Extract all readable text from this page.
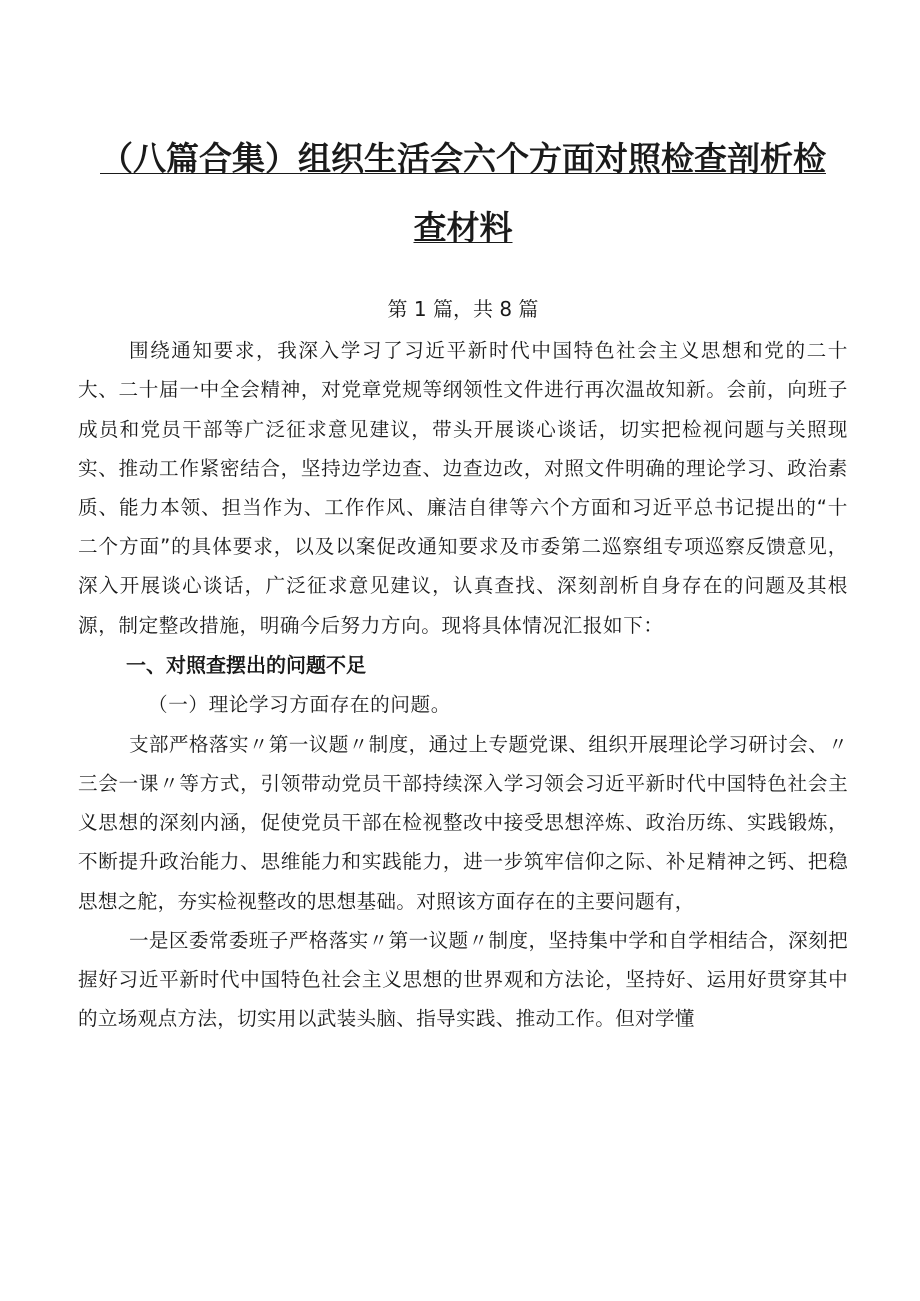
（八篇合集）组织生活会六个方面对照检查剖析检
查材料
第 1 篇，共 8 篇

围绕通知要求，我深入学习了习近平新时代中国特色社会主义思想和党的二十大、二十届一中全会精神，对党章党规等纲领性文件进行再次温故知新。会前，向班子成员和党员干部等广泛征求意见建议，带头开展谈心谈话，切实把检视问题与关照现实、推动工作紧密结合，坚持边学边查、边查边改，对照文件明确的理论学习、政治素质、能力本领、担当作为、工作作风、廉洁自律等六个方面和习近平总书记提出的“十二个方面”的具体要求，以及以案促改通知要求及市委第二巡察组专项巡察反馈意见，深入开展谈心谈话，广泛征求意见建议，认真查找、深刻剖析自身存在的问题及其根源，制定整改措施，明确今后努力方向。现将具体情况汇报如下：

一、对照查摆出的问题不足
（一）理论学习方面存在的问题。

支部严格落实〃第一议题〃制度，通过上专题党课、组织开展理论学习研讨会、〃三会一课〃等方式，引领带动党员干部持续深入学习领会习近平新时代中国特色社会主义思想的深刻内涵，促使党员干部在检视整改中接受思想淬炼、政治历练、实践锻炼，不断提升政治能力、思维能力和实践能力，进一步筑牢信仰之际、补足精神之钙、把稳思想之舵，夯实检视整改的思想基础。对照该方面存在的主要问题有，

一是区委常委班子严格落实〃第一议题〃制度，坚持集中学和自学相结合，深刻把握好习近平新时代中国特色社会主义思想的世界观和方法论，坚持好、运用好贯穿其中的立场观点方法，切实用以武装头脑、指导实践、推动工作。但对学懂
